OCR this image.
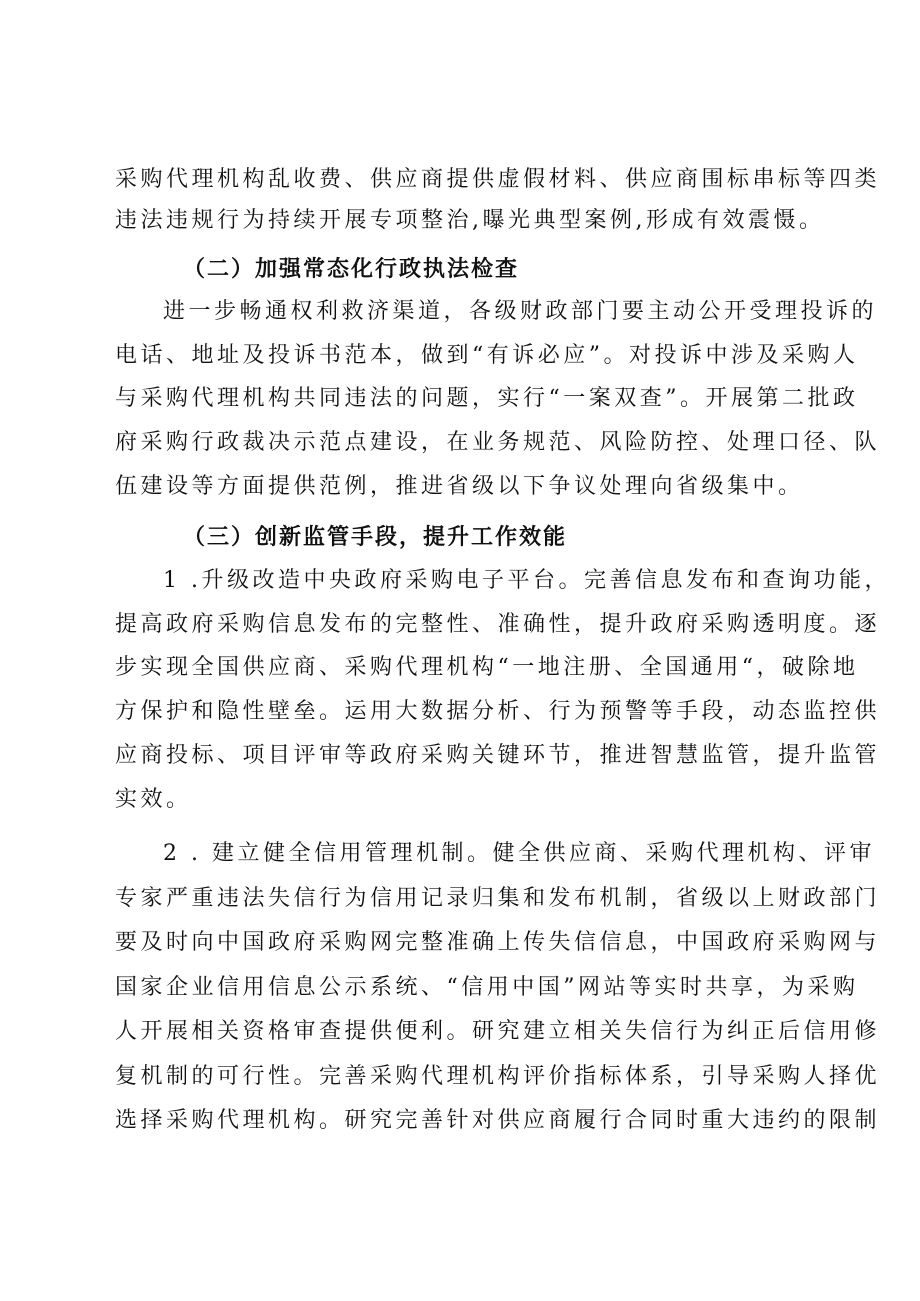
采购代理机构乱收费、供应商提供虚假材料、供应商围标串标等四类
违法违规行为持续开展专项整治,曝光典型案例,形成有效震慑。
（二）加强常态化行政执法检查
进一步畅通权利救济渠道，各级财政部门要主动公开受理投诉的
电话、地址及投诉书范本，做到“有诉必应”。对投诉中涉及采购人
与采购代理机构共同违法的问题，实行“一案双查”。开展第二批政
府采购行政裁决示范点建设，在业务规范、风险防控、处理口径、队
伍建设等方面提供范例，推进省级以下争议处理向省级集中。
（三）创新监管手段，提升工作效能
1 .升级改造中央政府采购电子平台。完善信息发布和查询功能，
提高政府采购信息发布的完整性、准确性，提升政府采购透明度。逐
步实现全国供应商、采购代理机构“一地注册、全国通用“，破除地
方保护和隐性壁垒。运用大数据分析、行为预警等手段，动态监控供
应商投标、项目评审等政府采购关键环节，推进智慧监管，提升监管
实效。
2 . 建立健全信用管理机制。健全供应商、采购代理机构、评审
专家严重违法失信行为信用记录归集和发布机制，省级以上财政部门
要及时向中国政府采购网完整准确上传失信信息，中国政府采购网与
国家企业信用信息公示系统、“信用中国”网站等实时共享，为采购
人开展相关资格审查提供便利。研究建立相关失信行为纠正后信用修
复机制的可行性。完善采购代理机构评价指标体系，引导采购人择优
选择采购代理机构。研究完善针对供应商履行合同时重大违约的限制
